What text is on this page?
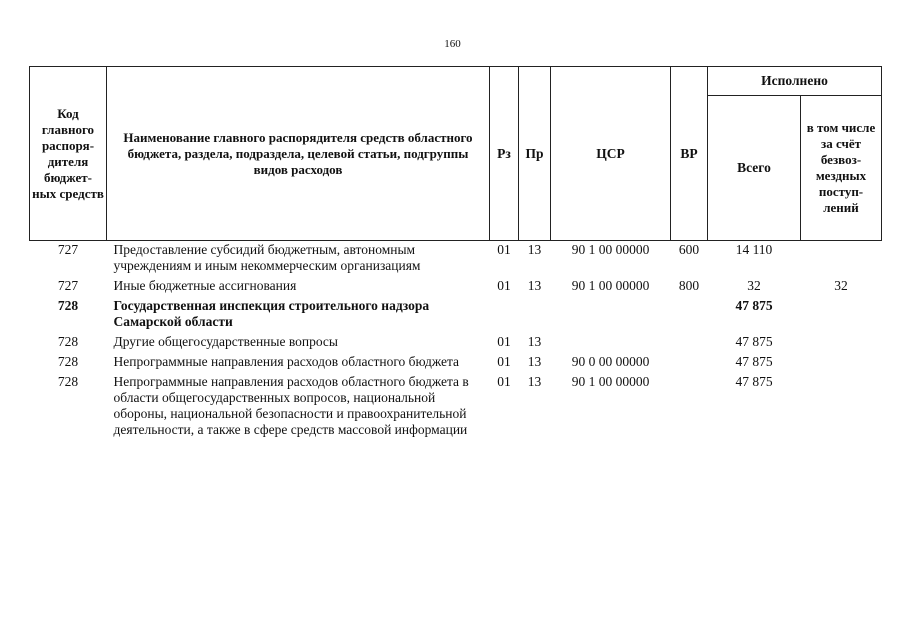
160
Код главного распоря-дителя бюджет-ных средств	Наименование главного распорядителя средств областного бюджета, раздела, подраздела, целевой статьи, подгруппы видов расходов	Рз	Пр	ЦСР	ВР	Исполнено	
						Всего	в том числе за счёт безвоз-мездных поступ-лений
727	Предоставление субсидий бюджетным, автономным учреждениям и иным некоммерческим организациям	01	13	90 1 00 00000	600	14 110	
727	Иные бюджетные ассигнования	01	13	90 1 00 00000	800	32	32
728	Государственная инспекция строительного надзора Самарской области					47 875	
728	Другие общегосударственные вопросы	01	13			47 875	
728	Непрограммные направления расходов областного бюджета	01	13	90 0 00 00000		47 875	
728	Непрограммные направления расходов областного бюджета в области общегосударственных вопросов, национальной обороны, национальной безопасности и правоохранительной деятельности, а также в сфере средств массовой информации	01	13	90 1 00 00000		47 875	
